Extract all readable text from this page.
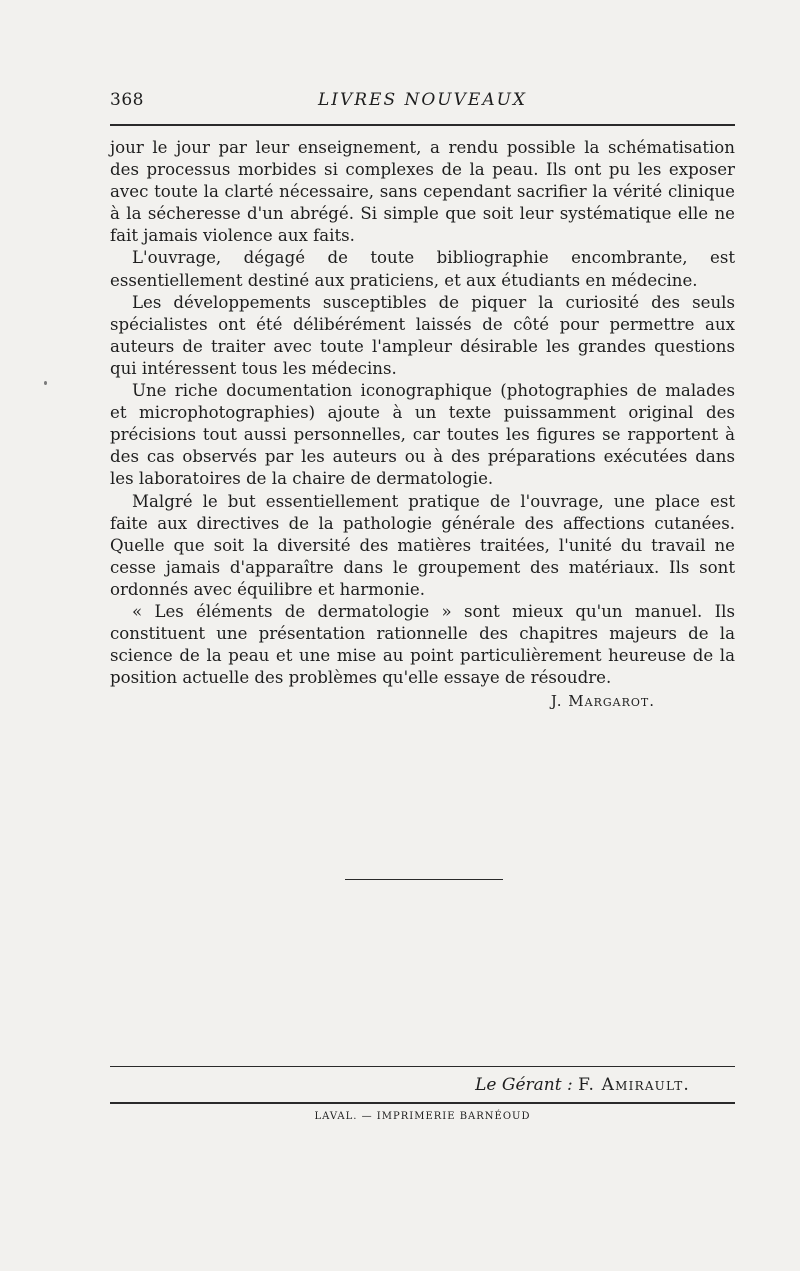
368	LIVRES NOUVEAUX

jour le jour par leur enseignement, a rendu possible la schématisation des processus morbides si complexes de la peau. Ils ont pu les exposer avec toute la clarté nécessaire, sans cependant sacrifier la vérité clinique à la sécheresse d'un abrégé. Si simple que soit leur systématique elle ne fait jamais violence aux faits.

L'ouvrage, dégagé de toute bibliographie encombrante, est essentiellement destiné aux praticiens, et aux étudiants en médecine.

Les développements susceptibles de piquer la curiosité des seuls spécialistes ont été délibérément laissés de côté pour permettre aux auteurs de traiter avec toute l'ampleur désirable les grandes questions qui intéressent tous les médecins.

Une riche documentation iconographique (photographies de malades et microphotographies) ajoute à un texte puissamment original des précisions tout aussi personnelles, car toutes les figures se rapportent à des cas observés par les auteurs ou à des préparations exécutées dans les laboratoires de la chaire de dermatologie.

Malgré le but essentiellement pratique de l'ouvrage, une place est faite aux directives de la pathologie générale des affections cutanées. Quelle que soit la diversité des matières traitées, l'unité du travail ne cesse jamais d'apparaître dans le groupement des matériaux. Ils sont ordonnés avec équilibre et harmonie.

« Les éléments de dermatologie » sont mieux qu'un manuel. Ils constituent une présentation rationnelle des chapitres majeurs de la science de la peau et une mise au point particulièrement heureuse de la position actuelle des problèmes qu'elle essaye de résoudre.

J. Margarot.
Le Gérant : F. Amirault.
LAVAL. — IMPRIMERIE BARNÉOUD
